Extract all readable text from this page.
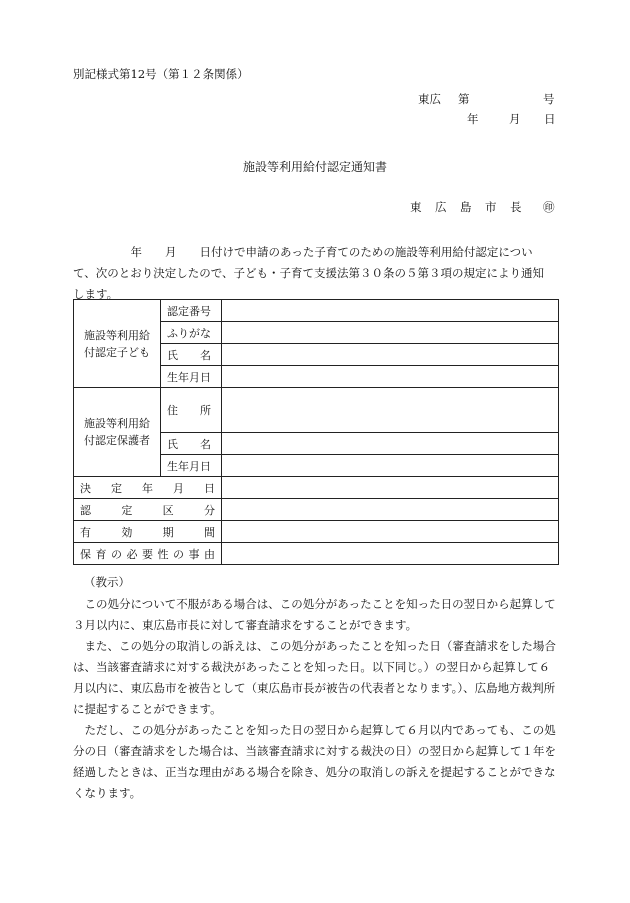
別記様式第12号（第１２条関係）
東広 第	号
年	月 日
施設等利用給付認定通知書
東 広 島 市 長 ㊞

　　　　　年　　月　　日付けで申請のあった子育てのための施設等利用給付認定につい

て、次のとおり決定したので、子ども・子育て支援法第３０条の５第３項の規定により通知

します。

施設等利用給付認定子ども	認定番号	
	ふりがな	
	氏　　名	
	生年月日	
施設等利用給付認定保護者	住　　所	
	氏　　名	
	生年月日	
決定年月日		
認定区分		
有効期間		
保育の必要性の事由		
（教示）

この処分について不服がある場合は、この処分があったことを知った日の翌日から起算して３月以内に、東広島市長に対して審査請求をすることができます。

また、この処分の取消しの訴えは、この処分があったことを知った日（審査請求をした場合は、当該審査請求に対する裁決があったことを知った日。以下同じ。）の翌日から起算して６月以内に、東広島市を被告として（東広島市長が被告の代表者となります。）、広島地方裁判所に提起することができます。

ただし、この処分があったことを知った日の翌日から起算して６月以内であっても、この処分の日（審査請求をした場合は、当該審査請求に対する裁決の日）の翌日から起算して１年を経過したときは、正当な理由がある場合を除き、処分の取消しの訴えを提起することができなくなります。
